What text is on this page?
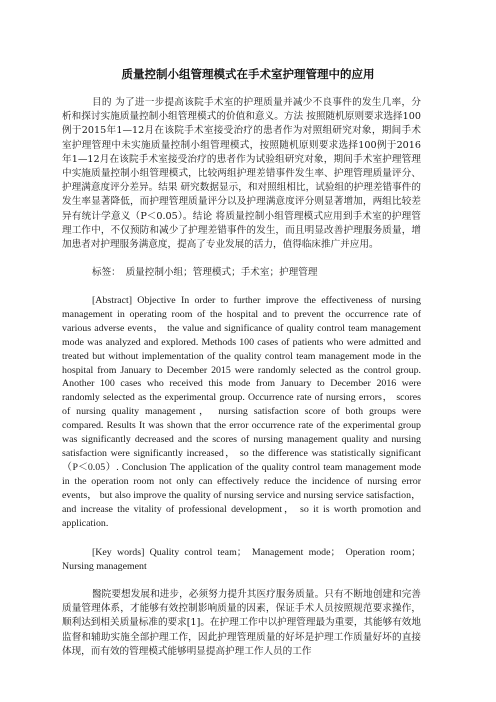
质量控制小组管理模式在手术室护理管理中的应用

目的 为了进一步提高该院手术室的护理质量并减少不良事件的发生几率，分析和探讨实施质量控制小组管理模式的价值和意义。方法 按照随机原则要求选择100例于2015年1—12月在该院手术室接受治疗的患者作为对照组研究对象，期间手术室护理管理中未实施质量控制小组管理模式，按照随机原则要求选择100例于2016年1—12月在该院手术室接受治疗的患者作为试验组研究对象，期间手术室护理管理中实施质量控制小组管理模式，比较两组护理差错事件发生率、护理管理质量评分、护理满意度评分差异。结果 研究数据显示，和对照组相比，试验组的护理差错事件的发生率显著降低，而护理管理质量评分以及护理满意度评分则显著增加，两组比较差异有统计学意义（P＜0.05）。结论 将质量控制小组管理模式应用到手术室的护理管理工作中，不仅预防和减少了护理差错事件的发生，而且明显改善护理服务质量，增加患者对护理服务满意度，提高了专业发展的活力，值得临床推广并应用。

标签：　质量控制小组；管理模式；手术室；护理管理

[Abstract] Objective In order to further improve the effectiveness of nursing management in operating room of the hospital and to prevent the occurrence rate of various adverse events， the value and significance of quality control team management mode was analyzed and explored. Methods 100 cases of patients who were admitted and treated but without implementation of the quality control team management mode in the hospital from January to December 2015 were randomly selected as the control group. Another 100 cases who received this mode from January to December 2016 were randomly selected as the experimental group. Occurrence rate of nursing errors， scores of nursing quality management， nursing satisfaction score of both groups were compared. Results It was shown that the error occurrence rate of the experimental group was significantly decreased and the scores of nursing management quality and nursing satisfaction were significantly increased， so the difference was statistically significant （P＜0.05）. Conclusion The application of the quality control team management mode in the operation room not only can effectively reduce the incidence of nursing error events， but also improve the quality of nursing service and nursing service satisfaction， and increase the vitality of professional development， so it is worth promotion and application.

[Key words] Quality control team； Management mode； Operation room； Nursing management

醫院要想发展和进步，必须努力提升其医疗服务质量。只有不断地创建和完善质量管理体系，才能够有效控制影响质量的因素，保证手术人员按照规范要求操作，顺利达到相关质量标准的要求[1]。在护理工作中以护理管理最为重要，其能够有效地监督和辅助实施全部护理工作，因此护理管理质量的好坏是护理工作质量好坏的直接体现，而有效的管理模式能够明显提高护理工作人员的工作
